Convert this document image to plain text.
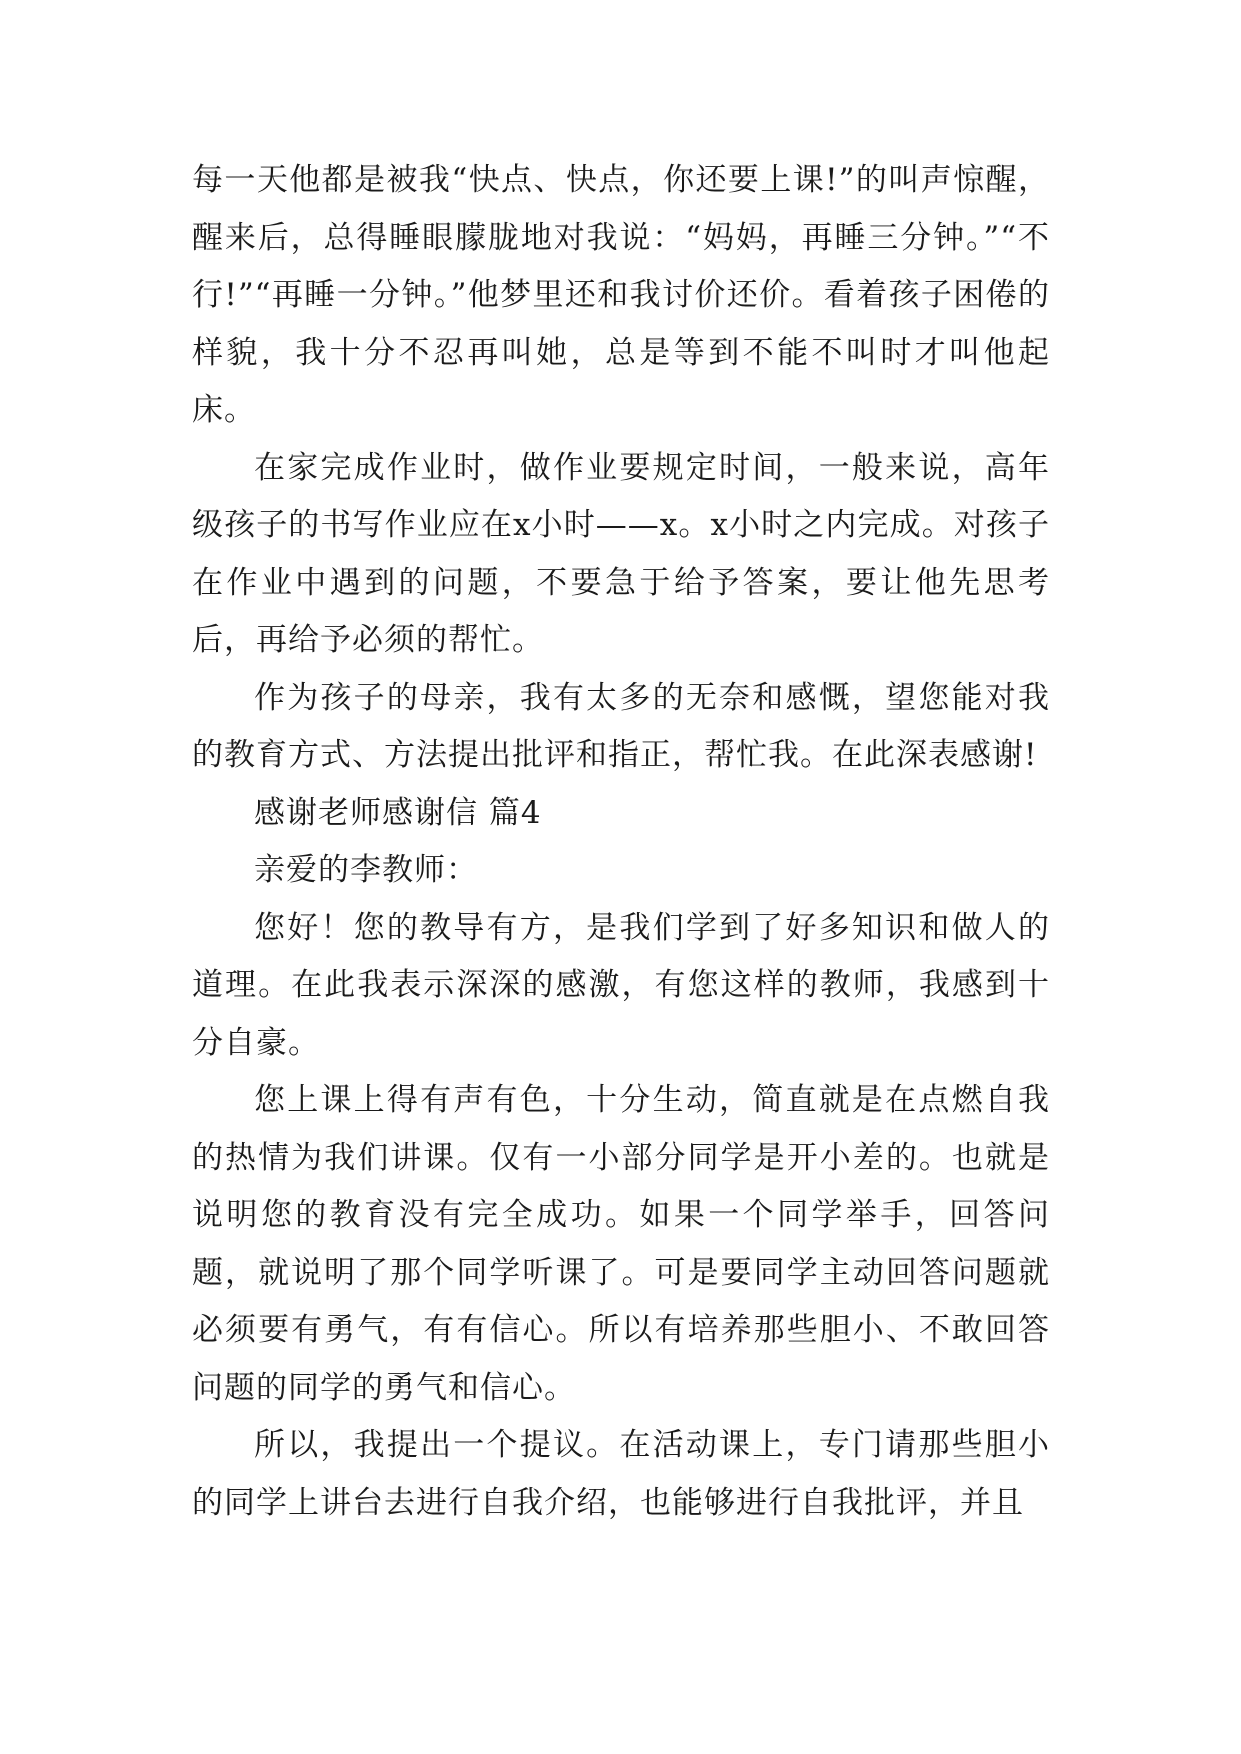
每一天他都是被我“快点、快点，你还要上课!”的叫声惊醒，醒来后，总得睡眼朦胧地对我说：“妈妈，再睡三分钟。”“不行!”“再睡一分钟。”他梦里还和我讨价还价。看着孩子困倦的样貌，我十分不忍再叫她，总是等到不能不叫时才叫他起床。

在家完成作业时，做作业要规定时间，一般来说，高年级孩子的书写作业应在x小时——x。x小时之内完成。对孩子在作业中遇到的问题，不要急于给予答案，要让他先思考后，再给予必须的帮忙。

作为孩子的母亲，我有太多的无奈和感慨，望您能对我的教育方式、方法提出批评和指正，帮忙我。在此深表感谢!

感谢老师感谢信 篇4

亲爱的李教师：

您好！您的教导有方，是我们学到了好多知识和做人的道理。在此我表示深深的感激，有您这样的教师，我感到十分自豪。

您上课上得有声有色，十分生动，简直就是在点燃自我的热情为我们讲课。仅有一小部分同学是开小差的。也就是说明您的教育没有完全成功。如果一个同学举手，回答问题，就说明了那个同学听课了。可是要同学主动回答问题就必须要有勇气，有有信心。所以有培养那些胆小、不敢回答问题的同学的勇气和信心。

所以，我提出一个提议。在活动课上，专门请那些胆小的同学上讲台去进行自我介绍，也能够进行自我批评，并且
